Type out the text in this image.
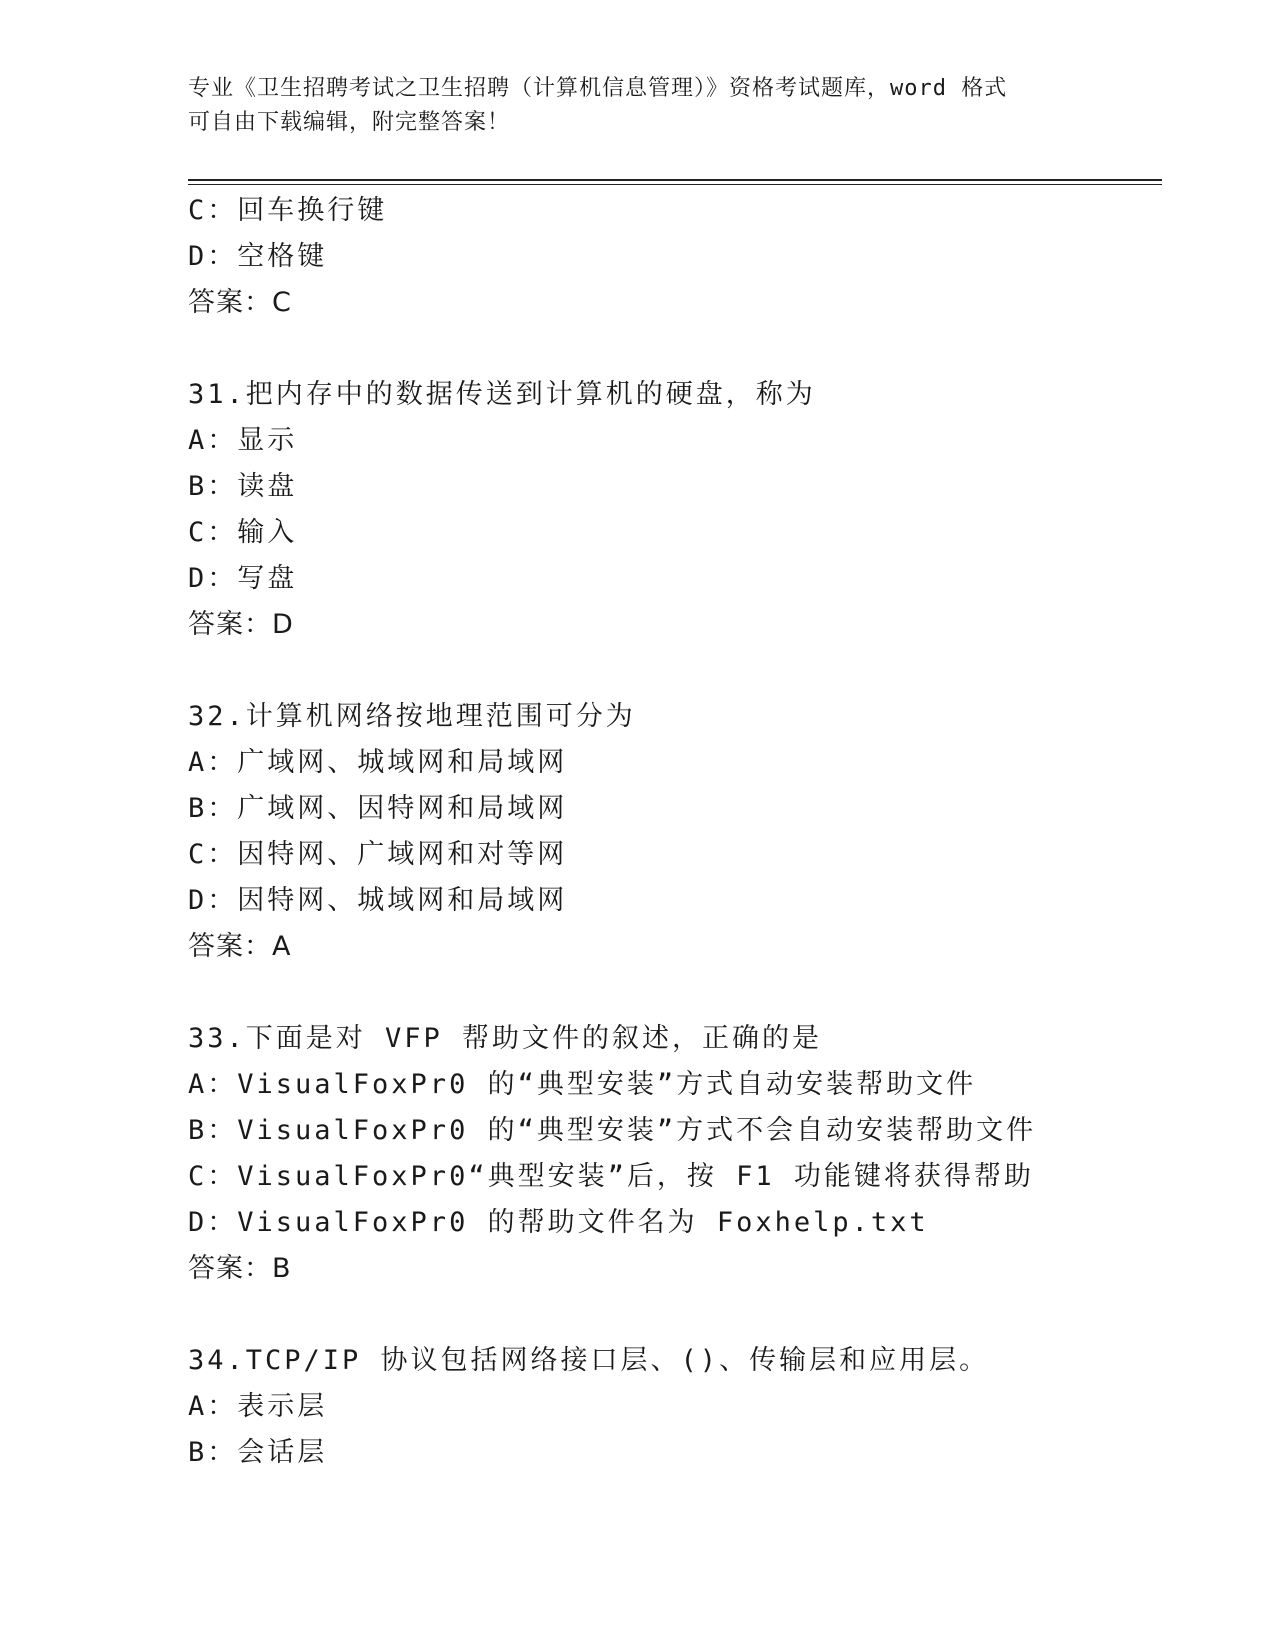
专业《卫生招聘考试之卫生招聘（计算机信息管理）》资格考试题库，word 格式
可自由下载编辑，附完整答案！
C：回车换行键
D：空格键
答案：C
31.把内存中的数据传送到计算机的硬盘，称为
A：显示
B：读盘
C：输入
D：写盘
答案：D
32.计算机网络按地理范围可分为
A：广域网、城域网和局域网
B：广域网、因特网和局域网
C：因特网、广域网和对等网
D：因特网、城域网和局域网
答案：A
33.下面是对 VFP 帮助文件的叙述，正确的是
A：VisualFoxPr0 的“典型安装”方式自动安装帮助文件
B：VisualFoxPr0 的“典型安装”方式不会自动安装帮助文件
C：VisualFoxPr0“典型安装”后，按 F1 功能键将获得帮助
D：VisualFoxPr0 的帮助文件名为 Foxhelp.txt
答案：B
34.TCP/IP 协议包括网络接口层、()、传输层和应用层。
A：表示层
B：会话层
